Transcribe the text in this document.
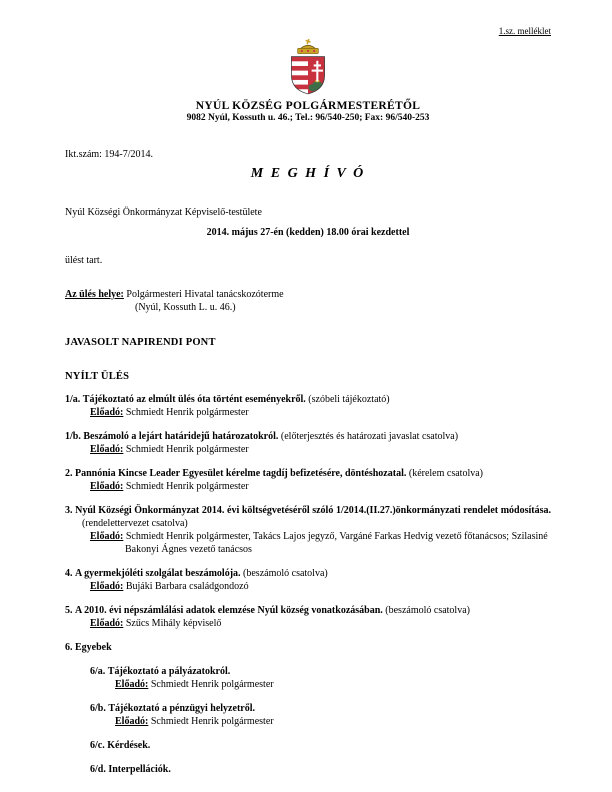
1.sz. melléklet
NYÚL KÖZSÉG POLGÁRMESTERÉTŐL
9082 Nyúl, Kossuth u. 46.; Tel.: 96/540-250; Fax: 96/540-253
Ikt.szám: 194-7/2014.
M E G H Í V Ó
Nyúl Községi Önkormányzat Képviselő-testülete
2014. május 27-én (kedden) 18.00 órai kezdettel
ülést tart.
Az ülés helye: Polgármesteri Hivatal tanácskozóterme
(Nyúl, Kossuth L. u. 46.)
JAVASOLT NAPIRENDI PONT
NYÍLT ÜLÉS
1/a. Tájékoztató az elmúlt ülés óta történt eseményekről. (szóbeli tájékoztató)
Előadó: Schmiedt Henrik polgármester
1/b. Beszámoló a lejárt határidejű határozatokról. (előterjesztés és határozati javaslat csatolva)
Előadó: Schmiedt Henrik polgármester
2. Pannónia Kincse Leader Egyesület kérelme tagdíj befizetésére, döntéshozatal. (kérelem csatolva)
Előadó: Schmiedt Henrik polgármester
3. Nyúl Községi Önkormányzat 2014. évi költségvetéséről szóló 1/2014.(II.27.)önkormányzati rendelet módosítása. (rendelettervezet csatolva)
Előadó: Schmiedt Henrik polgármester, Takács Lajos jegyző, Vargáné Farkas Hedvig vezető főtanácsos; Szilasiné Bakonyi Ágnes vezető tanácsos
4. A gyermekjóléti szolgálat beszámolója. (beszámoló csatolva)
Előadó: Bujáki Barbara családgondozó
5. A 2010. évi népszámlálási adatok elemzése Nyúl község vonatkozásában. (beszámoló csatolva)
Előadó: Szűcs Mihály képviselő
6. Egyebek
6/a. Tájékoztató a pályázatokról.
Előadó: Schmiedt Henrik polgármester
6/b. Tájékoztató a pénzügyi helyzetről.
Előadó: Schmiedt Henrik polgármester
6/c. Kérdések.
6/d. Interpellációk.
